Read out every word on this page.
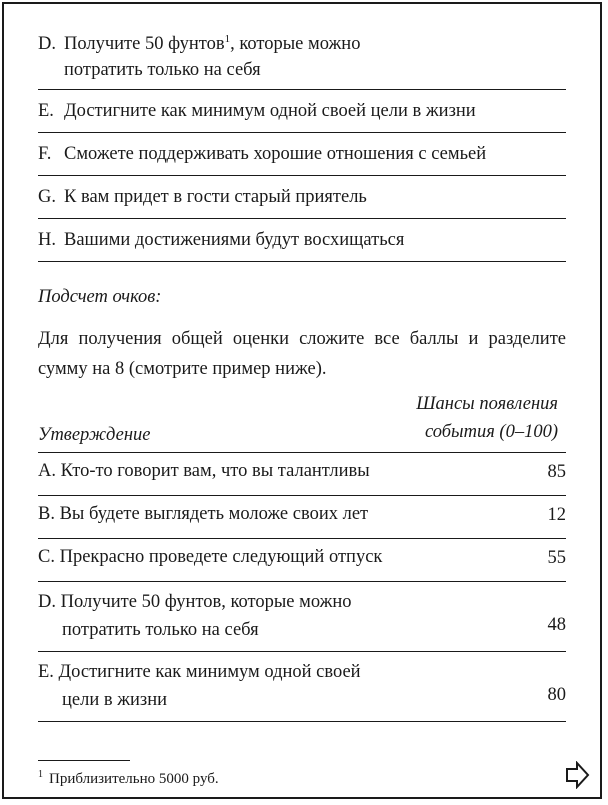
D. Получите 50 фунтов$^1$, которые можно
потратить только на себя
E. Достигните как минимум одной своей цели в жизни
F. Сможете поддерживать хорошие отношения с семьей
G. К вам придет в гости старый приятель
H. Вашими достижениями будут восхищаться
Подсчет очков:
Для получения общей оценки сложите все баллы и разделите сумму на 8 (смотрите пример ниже).
Утверждение
Шансы появления
события (0–100)
A. Кто-то говорит вам, что вы талантливы	85
B. Вы будете выглядеть моложе своих лет	12
C. Прекрасно проведете следующий отпуск	55
D. Получите 50 фунтов, которые можно
потратить только на себя	48
E. Достигните как минимум одной своей
цели в жизни	80
$^1$ Приблизительно 5000 руб.
